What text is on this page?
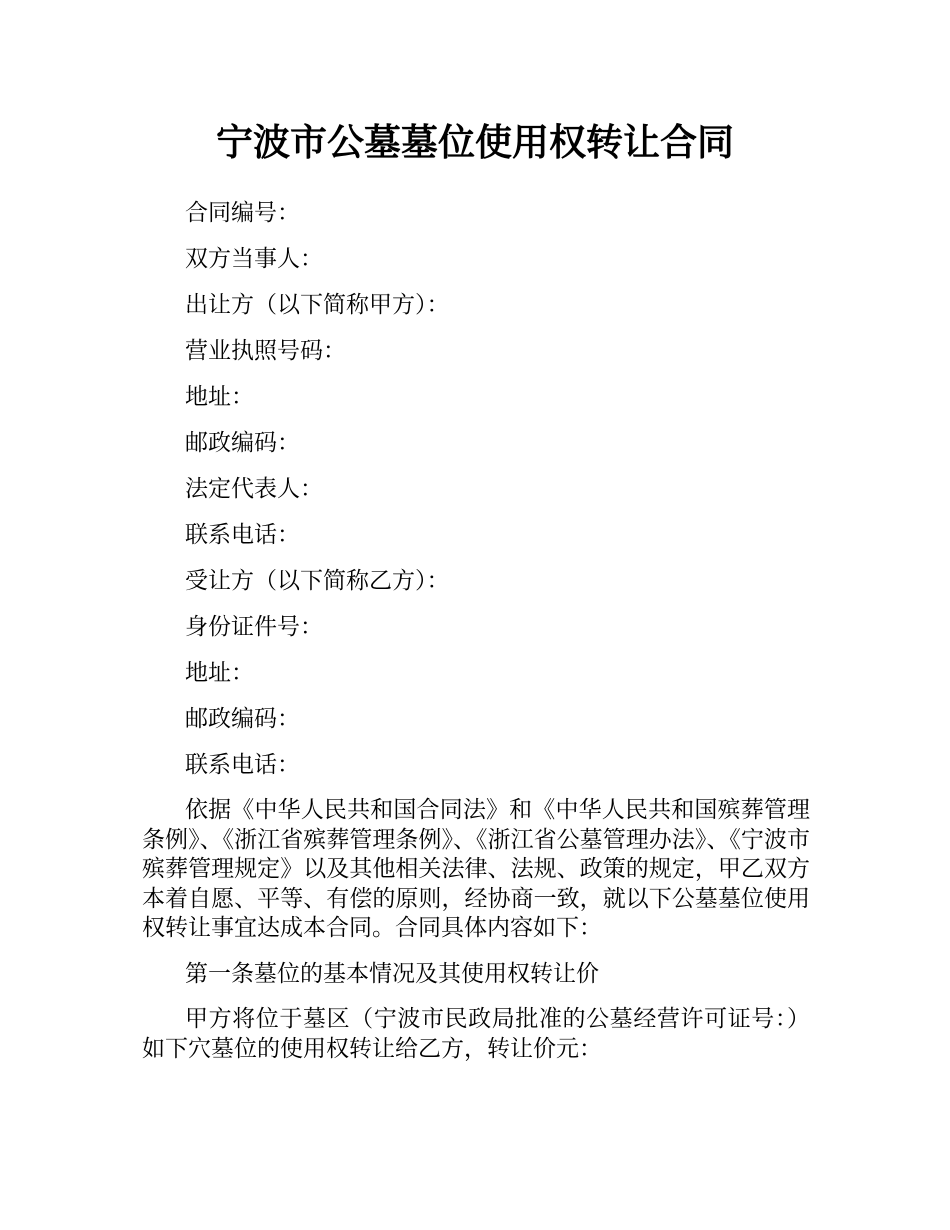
宁波市公墓墓位使用权转让合同
合同编号：
双方当事人：
出让方（以下简称甲方）：
营业执照号码：
地址：
邮政编码：
法定代表人：
联系电话：
受让方（以下简称乙方）：
身份证件号：
地址：
邮政编码：
联系电话：

依据《中华人民共和国合同法》和《中华人民共和国殡葬管理条例》、《浙江省殡葬管理条例》、《浙江省公墓管理办法》、《宁波市殡葬管理规定》以及其他相关法律、法规、政策的规定，甲乙双方本着自愿、平等、有偿的原则，经协商一致，就以下公墓墓位使用权转让事宜达成本合同。合同具体内容如下：

第一条墓位的基本情况及其使用权转让价

甲方将位于墓区（宁波市民政局批准的公墓经营许可证号：）如下穴墓位的使用权转让给乙方，转让价元：
